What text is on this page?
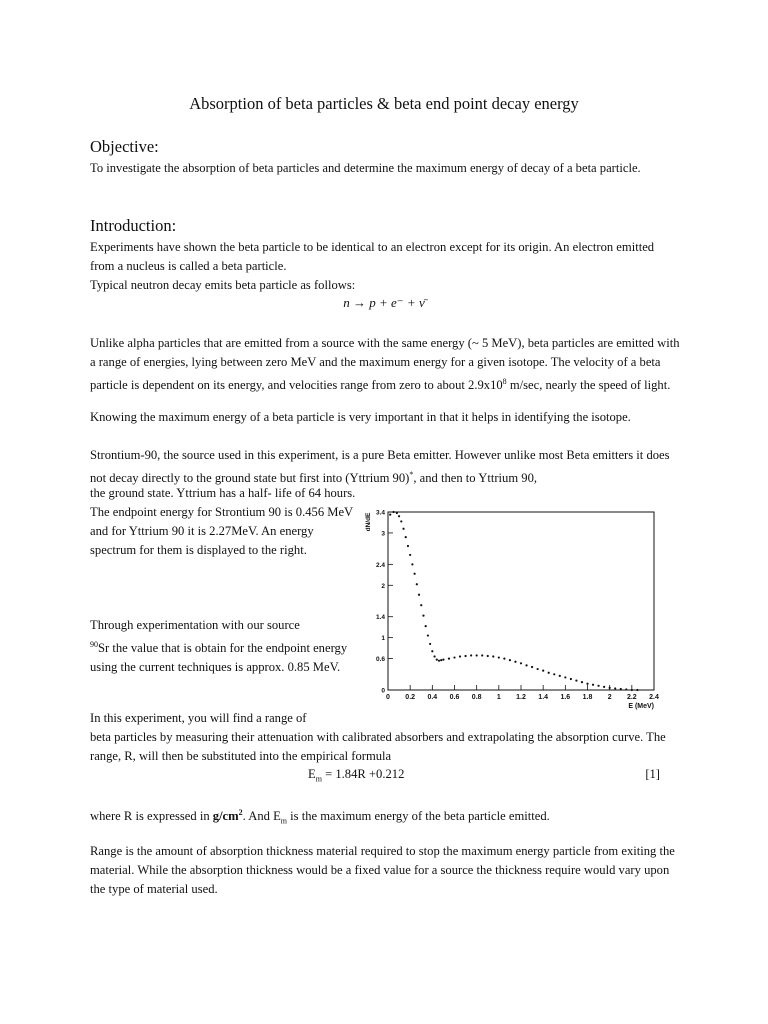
Absorption of beta particles & beta end point decay energy
Objective:

To investigate the absorption of beta particles and determine the maximum energy of decay of a beta particle.

Introduction:

Experiments have shown the beta particle to be identical to an electron except for its origin. An electron emitted from a nucleus is called a beta particle.

Typical neutron decay emits beta particle as follows:

n → p + e⁻ + ν̄

Unlike alpha particles that are emitted from a source with the same energy (~ 5 MeV), beta particles are emitted with a range of energies, lying between zero MeV and the maximum energy for a given isotope. The velocity of a beta particle is dependent on its energy, and velocities range from zero to about $2.9x10^8$ m/sec, nearly the speed of light.

Knowing the maximum energy of a beta particle is very important in that it helps in identifying the isotope.

Strontium-90, the source used in this experiment, is a pure Beta emitter. However unlike most Beta emitters it does not decay directly to the ground state but first into (Yttrium 90)*, and then to Yttrium 90,

the ground state. Yttrium has a half- life of 64 hours. The endpoint energy for Strontium 90 is 0.456 MeV and for Yttrium 90 it is 2.27MeV. An energy spectrum for them is displayed to the right.

Through experimentation with our source
$^{90}$Sr the value that is obtain for the endpoint energy using the current techniques is approx. 0.85 MeV.

In this experiment, you will find a range of

beta particles by measuring their attenuation with calibrated absorbers and extrapolating the absorption curve. The range, R, will then be substituted into the empirical formula

$E_m = 1.84R +0.212$	[1]

where R is expressed in $g/cm^2$. And $E_m$ is the maximum energy of the beta particle emitted.

Range is the amount of absorption thickness material required to stop the maximum energy particle from exiting the material. While the absorption thickness would be a fixed value for a source the thickness require would vary upon the type of material used.

0 0.2 0.4 0.6 0.8 1 1.2 1.4 1.6 1.8 2 2.2 2.4
0
0.6
1
1.4
2
2.4
3
3.4
E (MeV)
dN/dE
